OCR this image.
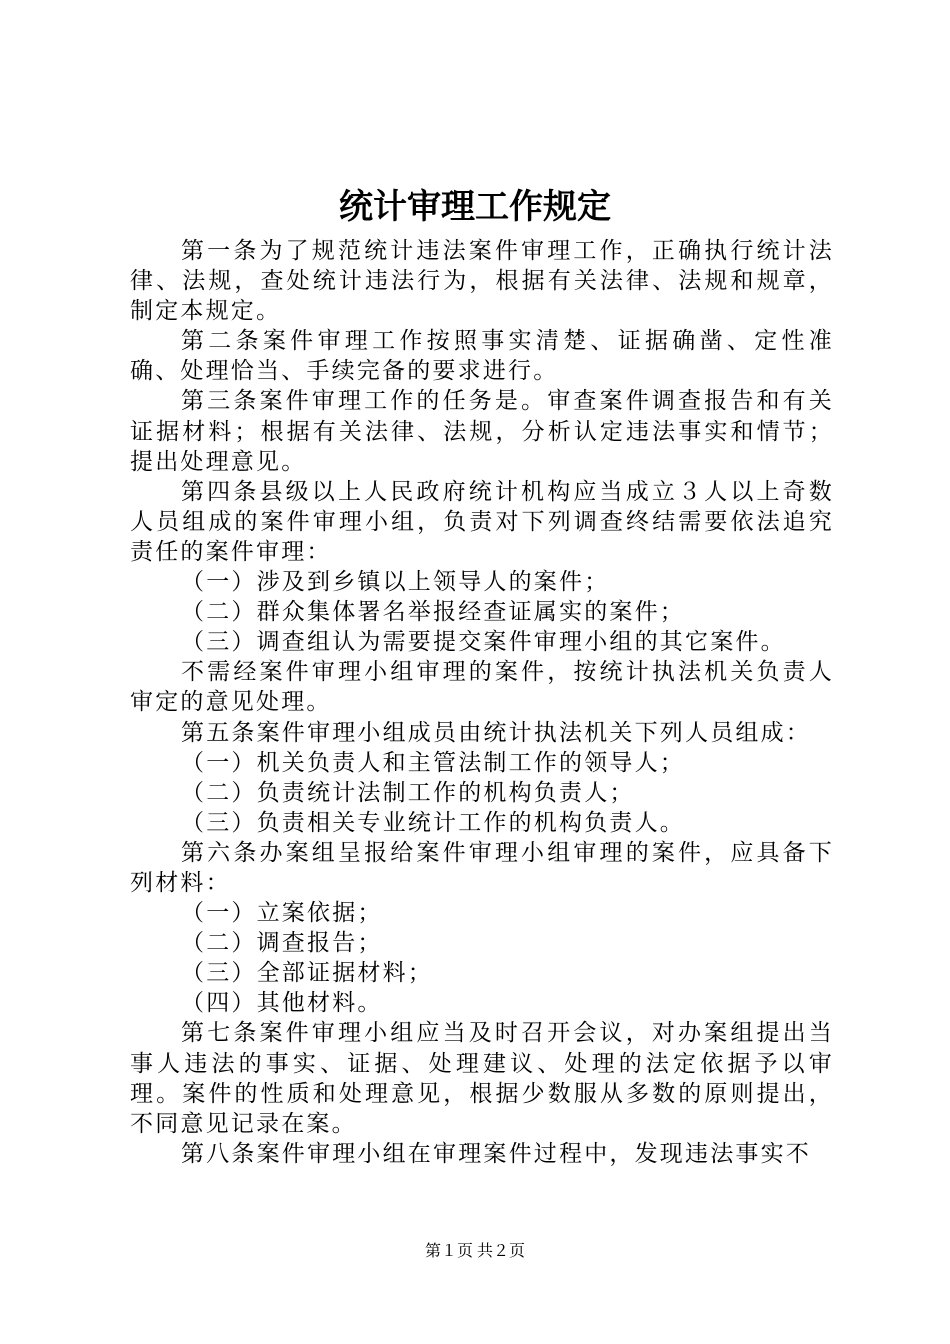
统计审理工作规定

第一条为了规范统计违法案件审理工作，正确执行统计法律、法规，查处统计违法行为，根据有关法律、法规和规章，制定本规定。

第二条案件审理工作按照事实清楚、证据确凿、定性准确、处理恰当、手续完备的要求进行。

第三条案件审理工作的任务是。审查案件调查报告和有关证据材料；根据有关法律、法规，分析认定违法事实和情节；提出处理意见。

第四条县级以上人民政府统计机构应当成立３人以上奇数人员组成的案件审理小组，负责对下列调查终结需要依法追究责任的案件审理：

（一）涉及到乡镇以上领导人的案件；

（二）群众集体署名举报经查证属实的案件；

（三）调查组认为需要提交案件审理小组的其它案件。

不需经案件审理小组审理的案件，按统计执法机关负责人审定的意见处理。

第五条案件审理小组成员由统计执法机关下列人员组成：

（一）机关负责人和主管法制工作的领导人；

（二）负责统计法制工作的机构负责人；

（三）负责相关专业统计工作的机构负责人。

第六条办案组呈报给案件审理小组审理的案件，应具备下列材料：

（一）立案依据；

（二）调查报告；

（三）全部证据材料；

（四）其他材料。

第七条案件审理小组应当及时召开会议，对办案组提出当事人违法的事实、证据、处理建议、处理的法定依据予以审理。案件的性质和处理意见，根据少数服从多数的原则提出，不同意见记录在案。

第八条案件审理小组在审理案件过程中，发现违法事实不

第１页 共２页
